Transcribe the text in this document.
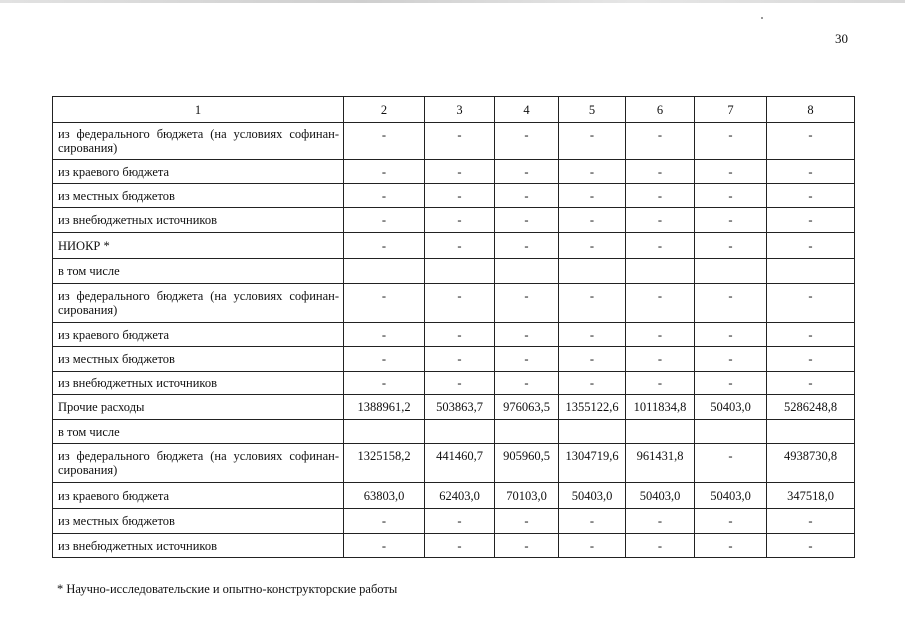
30
1	2	3	4	5	6	7	8
из федерального бюджета (на условиях софинан-сирования)	-	-	-	-	-	-	-
из краевого бюджета	-	-	-	-	-	-	-
из местных бюджетов	-	-	-	-	-	-	-
из внебюджетных источников	-	-	-	-	-	-	-
НИОКР *	-	-	-	-	-	-	-
в том числе							
из федерального бюджета (на условиях софинан-сирования)	-	-	-	-	-	-	-
из краевого бюджета	-	-	-	-	-	-	-
из местных бюджетов	-	-	-	-	-	-	-
из внебюджетных источников	-	-	-	-	-	-	-
Прочие расходы	1388961,2	503863,7	976063,5	1355122,6	1011834,8	50403,0	5286248,8
в том числе							
из федерального бюджета (на условиях софинан-сирования)	1325158,2	441460,7	905960,5	1304719,6	961431,8	-	4938730,8
из краевого бюджета	63803,0	62403,0	70103,0	50403,0	50403,0	50403,0	347518,0
из местных бюджетов	-	-	-	-	-	-	-
из внебюджетных источников	-	-	-	-	-	-	-
* Научно-исследовательские и опытно-конструкторские работы
